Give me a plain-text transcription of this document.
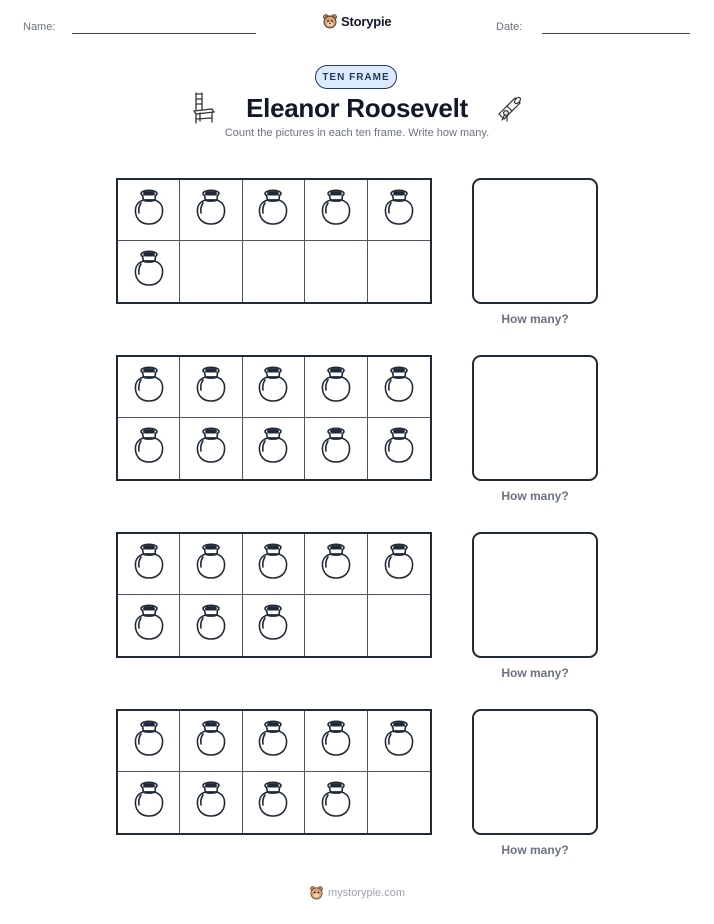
Name:	Storypie	Date:
TEN FRAME
Eleanor Roosevelt
Count the pictures in each ten frame. Write how many.
How many?
How many?
How many?
How many?
mystorypie.com
